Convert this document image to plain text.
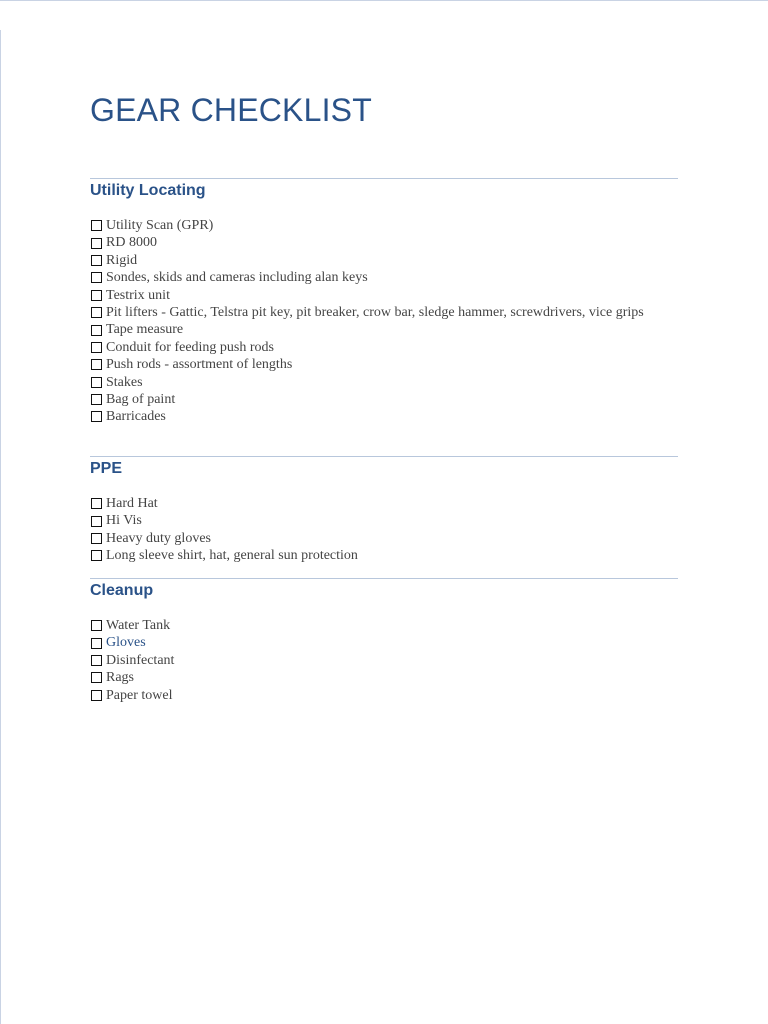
GEAR CHECKLIST
Utility Locating
Utility Scan (GPR)
RD 8000
Rigid
Sondes, skids and cameras including alan keys
Testrix unit
Pit lifters - Gattic, Telstra pit key, pit breaker, crow bar, sledge hammer, screwdrivers, vice grips
Tape measure
Conduit for feeding push rods
Push rods - assortment of lengths
Stakes
Bag of paint
Barricades
PPE
Hard Hat
Hi Vis
Heavy duty gloves
Long sleeve shirt, hat, general sun protection
Cleanup
Water Tank
Gloves
Disinfectant
Rags
Paper towel
